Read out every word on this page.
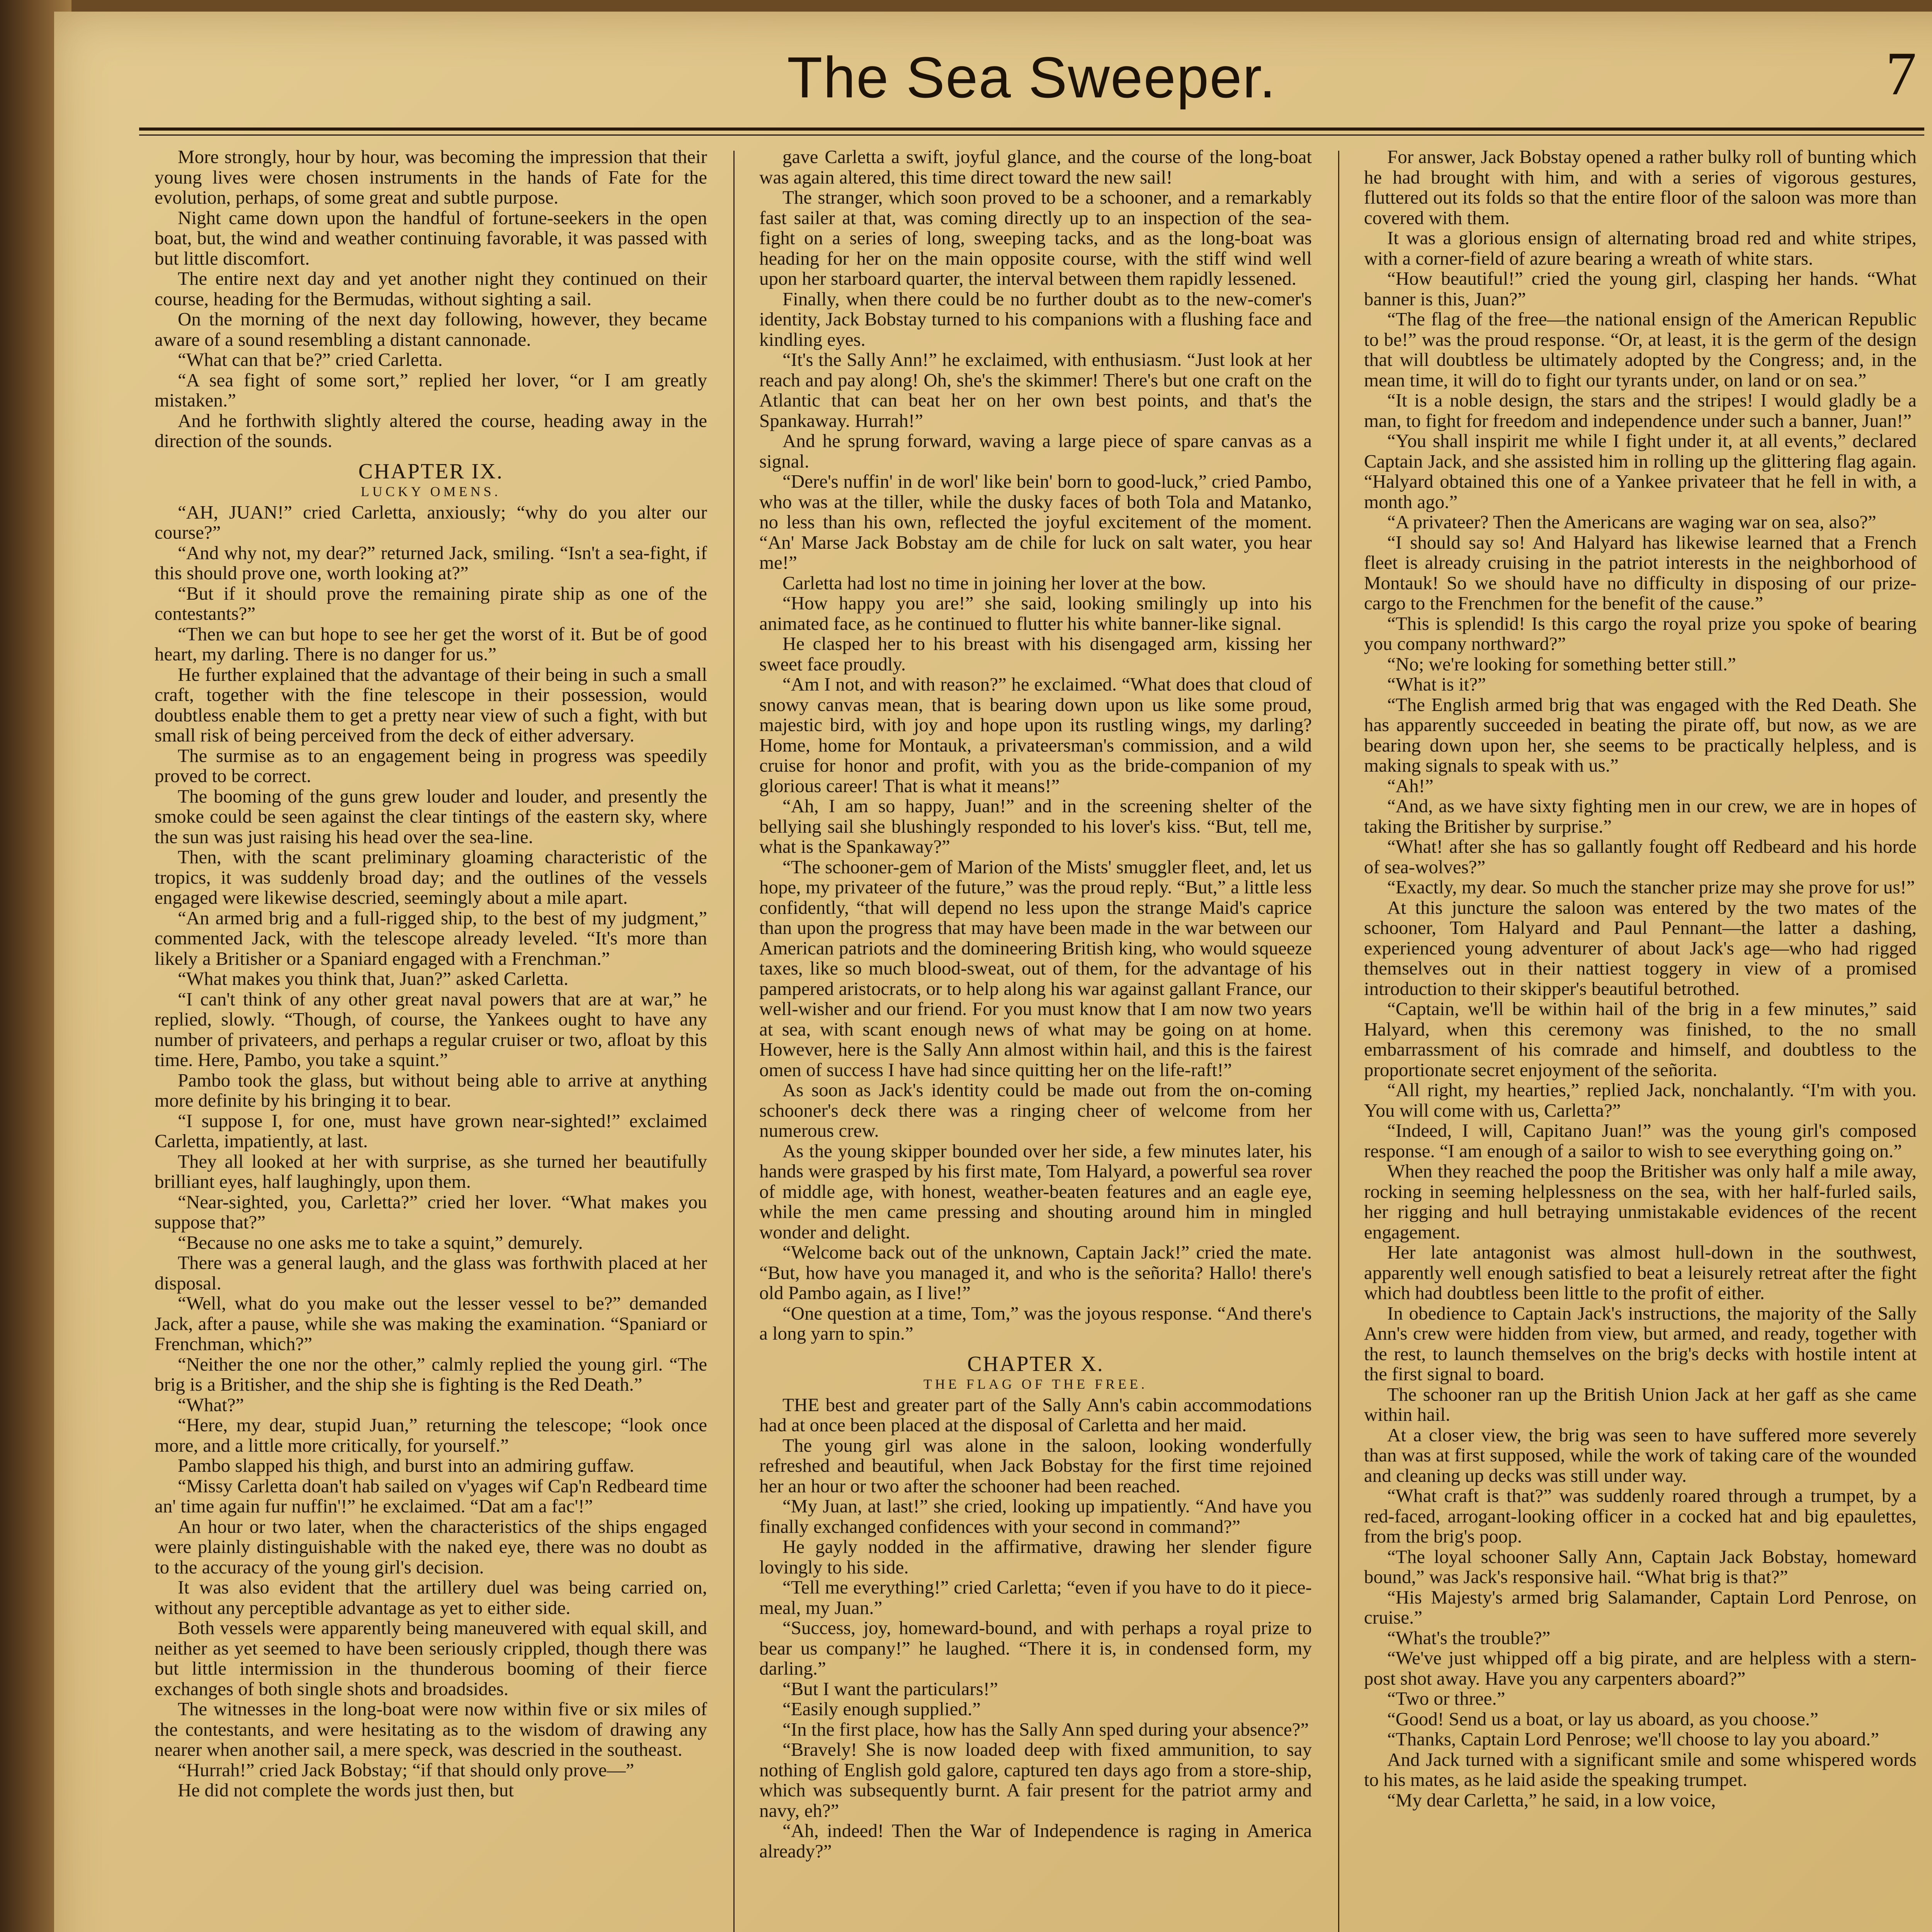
The Sea Sweeper.	7

More strongly, hour by hour, was becoming the impression that their young lives were chosen instruments in the hands of Fate for the evolution, perhaps, of some great and subtle purpose.

Night came down upon the handful of fortune-seekers in the open boat, but, the wind and weather continuing favorable, it was passed with but little discomfort.

The entire next day and yet another night they continued on their course, heading for the Bermudas, without sighting a sail.

On the morning of the next day following, however, they became aware of a sound resembling a distant cannonade.

“What can that be?” cried Carletta.

“A sea fight of some sort,” replied her lover, “or I am greatly mistaken.”

And he forthwith slightly altered the course, heading away in the direction of the sounds.

CHAPTER IX.
LUCKY OMENS.

“AH, JUAN!” cried Carletta, anxiously; “why do you alter our course?”

“And why not, my dear?” returned Jack, smiling. “Isn't a sea-fight, if this should prove one, worth looking at?”

“But if it should prove the remaining pirate ship as one of the contestants?”

“Then we can but hope to see her get the worst of it. But be of good heart, my darling. There is no danger for us.”

He further explained that the advantage of their being in such a small craft, together with the fine telescope in their possession, would doubtless enable them to get a pretty near view of such a fight, with but small risk of being perceived from the deck of either adversary.

The surmise as to an engagement being in progress was speedily proved to be correct.

The booming of the guns grew louder and louder, and presently the smoke could be seen against the clear tintings of the eastern sky, where the sun was just raising his head over the sea-line.

Then, with the scant preliminary gloaming characteristic of the tropics, it was suddenly broad day; and the outlines of the vessels engaged were likewise descried, seemingly about a mile apart.

“An armed brig and a full-rigged ship, to the best of my judgment,” commented Jack, with the telescope already leveled. “It's more than likely a Britisher or a Spaniard engaged with a Frenchman.”

“What makes you think that, Juan?” asked Carletta.

“I can't think of any other great naval powers that are at war,” he replied, slowly. “Though, of course, the Yankees ought to have any number of privateers, and perhaps a regular cruiser or two, afloat by this time. Here, Pambo, you take a squint.”

Pambo took the glass, but without being able to arrive at anything more definite by his bringing it to bear.

“I suppose I, for one, must have grown near-sighted!” exclaimed Carletta, impatiently, at last.

They all looked at her with surprise, as she turned her beautifully brilliant eyes, half laughingly, upon them.

“Near-sighted, you, Carletta?” cried her lover. “What makes you suppose that?”

“Because no one asks me to take a squint,” demurely.

There was a general laugh, and the glass was forthwith placed at her disposal.

“Well, what do you make out the lesser vessel to be?” demanded Jack, after a pause, while she was making the examination. “Spaniard or Frenchman, which?”

“Neither the one nor the other,” calmly replied the young girl. “The brig is a Britisher, and the ship she is fighting is the Red Death.”

“What?”

“Here, my dear, stupid Juan,” returning the telescope; “look once more, and a little more critically, for yourself.”

Pambo slapped his thigh, and burst into an admiring guffaw.

“Missy Carletta doan't hab sailed on v'yages wif Cap'n Redbeard time an' time again fur nuffin'!” he exclaimed. “Dat am a fac'!”

An hour or two later, when the characteristics of the ships engaged were plainly distinguishable with the naked eye, there was no doubt as to the accuracy of the young girl's decision.

It was also evident that the artillery duel was being carried on, without any perceptible advantage as yet to either side.

Both vessels were apparently being maneuvered with equal skill, and neither as yet seemed to have been seriously crippled, though there was but little intermission in the thunderous booming of their fierce exchanges of both single shots and broadsides.

The witnesses in the long-boat were now within five or six miles of the contestants, and were hesitating as to the wisdom of drawing any nearer when another sail, a mere speck, was descried in the southeast.

“Hurrah!” cried Jack Bobstay; “if that should only prove—”

He did not complete the words just then, but

gave Carletta a swift, joyful glance, and the course of the long-boat was again altered, this time direct toward the new sail!

The stranger, which soon proved to be a schooner, and a remarkably fast sailer at that, was coming directly up to an inspection of the sea-fight on a series of long, sweeping tacks, and as the long-boat was heading for her on the main opposite course, with the stiff wind well upon her starboard quarter, the interval between them rapidly lessened.

Finally, when there could be no further doubt as to the new-comer's identity, Jack Bobstay turned to his companions with a flushing face and kindling eyes.

“It's the Sally Ann!” he exclaimed, with enthusiasm. “Just look at her reach and pay along! Oh, she's the skimmer! There's but one craft on the Atlantic that can beat her on her own best points, and that's the Spankaway. Hurrah!”

And he sprung forward, waving a large piece of spare canvas as a signal.

“Dere's nuffin' in de worl' like bein' born to good-luck,” cried Pambo, who was at the tiller, while the dusky faces of both Tola and Matanko, no less than his own, reflected the joyful excitement of the moment. “An' Marse Jack Bobstay am de chile for luck on salt water, you hear me!”

Carletta had lost no time in joining her lover at the bow.

“How happy you are!” she said, looking smilingly up into his animated face, as he continued to flutter his white banner-like signal.

He clasped her to his breast with his disengaged arm, kissing her sweet face proudly.

“Am I not, and with reason?” he exclaimed. “What does that cloud of snowy canvas mean, that is bearing down upon us like some proud, majestic bird, with joy and hope upon its rustling wings, my darling? Home, home for Montauk, a privateersman's commission, and a wild cruise for honor and profit, with you as the bride-companion of my glorious career! That is what it means!”

“Ah, I am so happy, Juan!” and in the screening shelter of the bellying sail she blushingly responded to his lover's kiss. “But, tell me, what is the Spankaway?”

“The schooner-gem of Marion of the Mists' smuggler fleet, and, let us hope, my privateer of the future,” was the proud reply. “But,” a little less confidently, “that will depend no less upon the strange Maid's caprice than upon the progress that may have been made in the war between our American patriots and the domineering British king, who would squeeze taxes, like so much blood-sweat, out of them, for the advantage of his pampered aristocrats, or to help along his war against gallant France, our well-wisher and our friend. For you must know that I am now two years at sea, with scant enough news of what may be going on at home. However, here is the Sally Ann almost within hail, and this is the fairest omen of success I have had since quitting her on the life-raft!”

As soon as Jack's identity could be made out from the on-coming schooner's deck there was a ringing cheer of welcome from her numerous crew.

As the young skipper bounded over her side, a few minutes later, his hands were grasped by his first mate, Tom Halyard, a powerful sea rover of middle age, with honest, weather-beaten features and an eagle eye, while the men came pressing and shouting around him in mingled wonder and delight.

“Welcome back out of the unknown, Captain Jack!” cried the mate. “But, how have you managed it, and who is the señorita? Hallo! there's old Pambo again, as I live!”

“One question at a time, Tom,” was the joyous response. “And there's a long yarn to spin.”

CHAPTER X.
THE FLAG OF THE FREE.

THE best and greater part of the Sally Ann's cabin accommodations had at once been placed at the disposal of Carletta and her maid.

The young girl was alone in the saloon, looking wonderfully refreshed and beautiful, when Jack Bobstay for the first time rejoined her an hour or two after the schooner had been reached.

“My Juan, at last!” she cried, looking up impatiently. “And have you finally exchanged confidences with your second in command?”

He gayly nodded in the affirmative, drawing her slender figure lovingly to his side.

“Tell me everything!” cried Carletta; “even if you have to do it piece-meal, my Juan.”

“Success, joy, homeward-bound, and with perhaps a royal prize to bear us company!” he laughed. “There it is, in condensed form, my darling.”

“But I want the particulars!”

“Easily enough supplied.”

“In the first place, how has the Sally Ann sped during your absence?”

“Bravely! She is now loaded deep with fixed ammunition, to say nothing of English gold galore, captured ten days ago from a store-ship, which was subsequently burnt. A fair present for the patriot army and navy, eh?”

“Ah, indeed! Then the War of Independence is raging in America already?”

For answer, Jack Bobstay opened a rather bulky roll of bunting which he had brought with him, and with a series of vigorous gestures, fluttered out its folds so that the entire floor of the saloon was more than covered with them.

It was a glorious ensign of alternating broad red and white stripes, with a corner-field of azure bearing a wreath of white stars.

“How beautiful!” cried the young girl, clasping her hands. “What banner is this, Juan?”

“The flag of the free—the national ensign of the American Republic to be!” was the proud response. “Or, at least, it is the germ of the design that will doubtless be ultimately adopted by the Congress; and, in the mean time, it will do to fight our tyrants under, on land or on sea.”

“It is a noble design, the stars and the stripes! I would gladly be a man, to fight for freedom and independence under such a banner, Juan!”

“You shall inspirit me while I fight under it, at all events,” declared Captain Jack, and she assisted him in rolling up the glittering flag again. “Halyard obtained this one of a Yankee privateer that he fell in with, a month ago.”

“A privateer? Then the Americans are waging war on sea, also?”

“I should say so! And Halyard has likewise learned that a French fleet is already cruising in the patriot interests in the neighborhood of Montauk! So we should have no difficulty in disposing of our prize-cargo to the Frenchmen for the benefit of the cause.”

“This is splendid! Is this cargo the royal prize you spoke of bearing you company northward?”

“No; we're looking for something better still.”

“What is it?”

“The English armed brig that was engaged with the Red Death. She has apparently succeeded in beating the pirate off, but now, as we are bearing down upon her, she seems to be practically helpless, and is making signals to speak with us.”

“Ah!”

“And, as we have sixty fighting men in our crew, we are in hopes of taking the Britisher by surprise.”

“What! after she has so gallantly fought off Redbeard and his horde of sea-wolves?”

“Exactly, my dear. So much the stancher prize may she prove for us!”

At this juncture the saloon was entered by the two mates of the schooner, Tom Halyard and Paul Pennant—the latter a dashing, experienced young adventurer of about Jack's age—who had rigged themselves out in their nattiest toggery in view of a promised introduction to their skipper's beautiful betrothed.

“Captain, we'll be within hail of the brig in a few minutes,” said Halyard, when this ceremony was finished, to the no small embarrassment of his comrade and himself, and doubtless to the proportionate secret enjoyment of the señorita.

“All right, my hearties,” replied Jack, nonchalantly. “I'm with you. You will come with us, Carletta?”

“Indeed, I will, Capitano Juan!” was the young girl's composed response. “I am enough of a sailor to wish to see everything going on.”

When they reached the poop the Britisher was only half a mile away, rocking in seeming helplessness on the sea, with her half-furled sails, her rigging and hull betraying unmistakable evidences of the recent engagement.

Her late antagonist was almost hull-down in the southwest, apparently well enough satisfied to beat a leisurely retreat after the fight which had doubtless been little to the profit of either.

In obedience to Captain Jack's instructions, the majority of the Sally Ann's crew were hidden from view, but armed, and ready, together with the rest, to launch themselves on the brig's decks with hostile intent at the first signal to board.

The schooner ran up the British Union Jack at her gaff as she came within hail.

At a closer view, the brig was seen to have suffered more severely than was at first supposed, while the work of taking care of the wounded and cleaning up decks was still under way.

“What craft is that?” was suddenly roared through a trumpet, by a red-faced, arrogant-looking officer in a cocked hat and big epaulettes, from the brig's poop.

“The loyal schooner Sally Ann, Captain Jack Bobstay, homeward bound,” was Jack's responsive hail. “What brig is that?”

“His Majesty's armed brig Salamander, Captain Lord Penrose, on cruise.”

“What's the trouble?”

“We've just whipped off a big pirate, and are helpless with a stern-post shot away. Have you any carpenters aboard?”

“Two or three.”

“Good! Send us a boat, or lay us aboard, as you choose.”

“Thanks, Captain Lord Penrose; we'll choose to lay you aboard.”

And Jack turned with a significant smile and some whispered words to his mates, as he laid aside the speaking trumpet.

“My dear Carletta,” he said, in a low voice,
